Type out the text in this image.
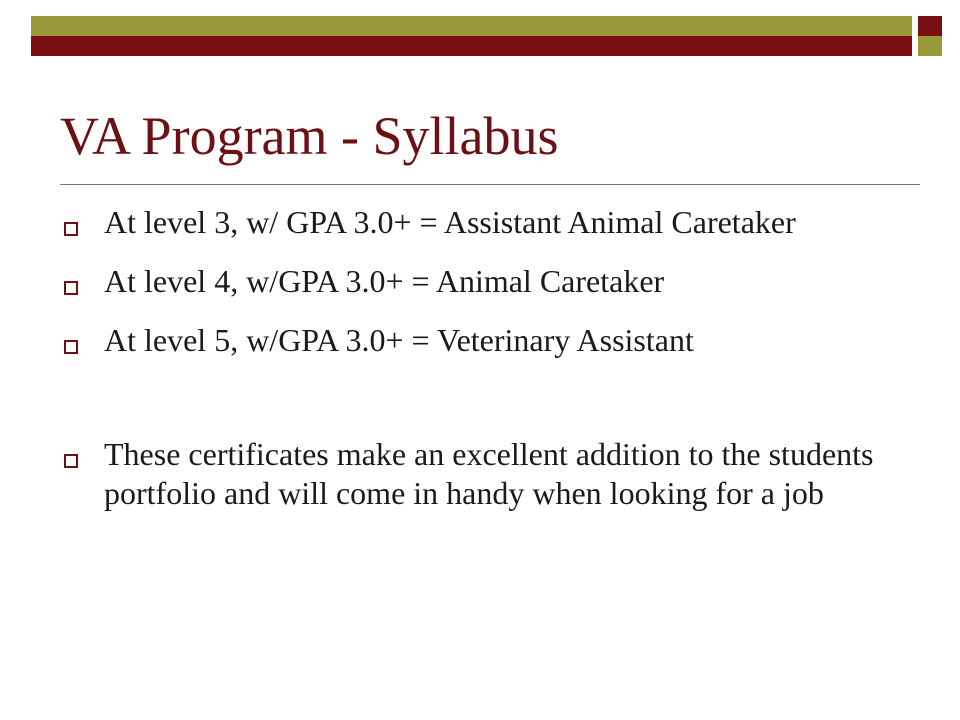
VA Program - Syllabus
At level 3, w/ GPA 3.0+ = Assistant Animal Caretaker
At level 4, w/GPA 3.0+ = Animal Caretaker
At level 5, w/GPA 3.0+ = Veterinary Assistant
These certificates make an excellent addition to the students portfolio and will come in handy when looking for a job
